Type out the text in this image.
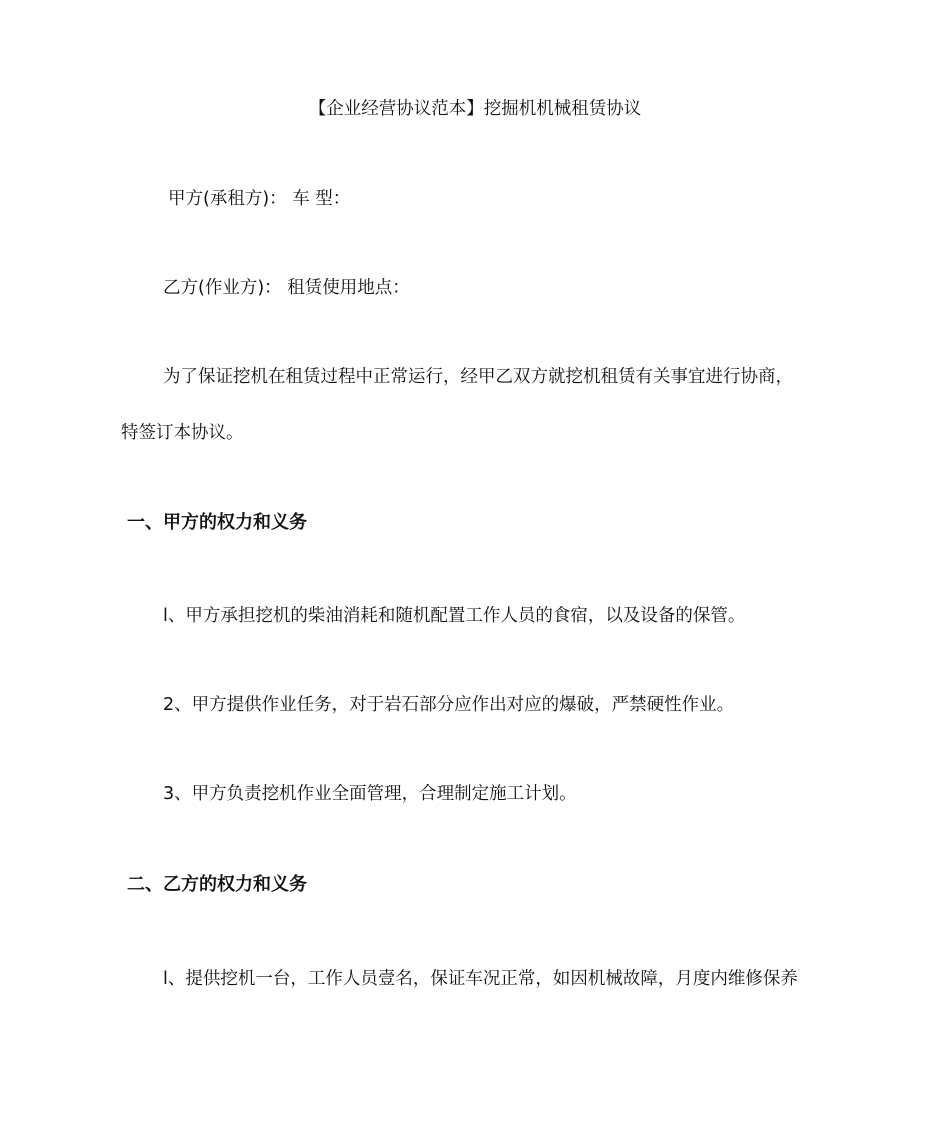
【企业经营协议范本】挖掘机机械租赁协议
甲方(承租方)： 车 型：
乙方(作业方)： 租赁使用地点：
为了保证挖机在租赁过程中正常运行，经甲乙双方就挖机租赁有关事宜进行协商，
特签订本协议。
一、甲方的权力和义务
l、甲方承担挖机的柴油消耗和随机配置工作人员的食宿，以及设备的保管。
2、甲方提供作业任务，对于岩石部分应作出对应的爆破，严禁硬性作业。
3、甲方负责挖机作业全面管理，合理制定施工计划。
二、乙方的权力和义务
l、提供挖机一台，工作人员壹名，保证车况正常，如因机械故障，月度内维修保养
